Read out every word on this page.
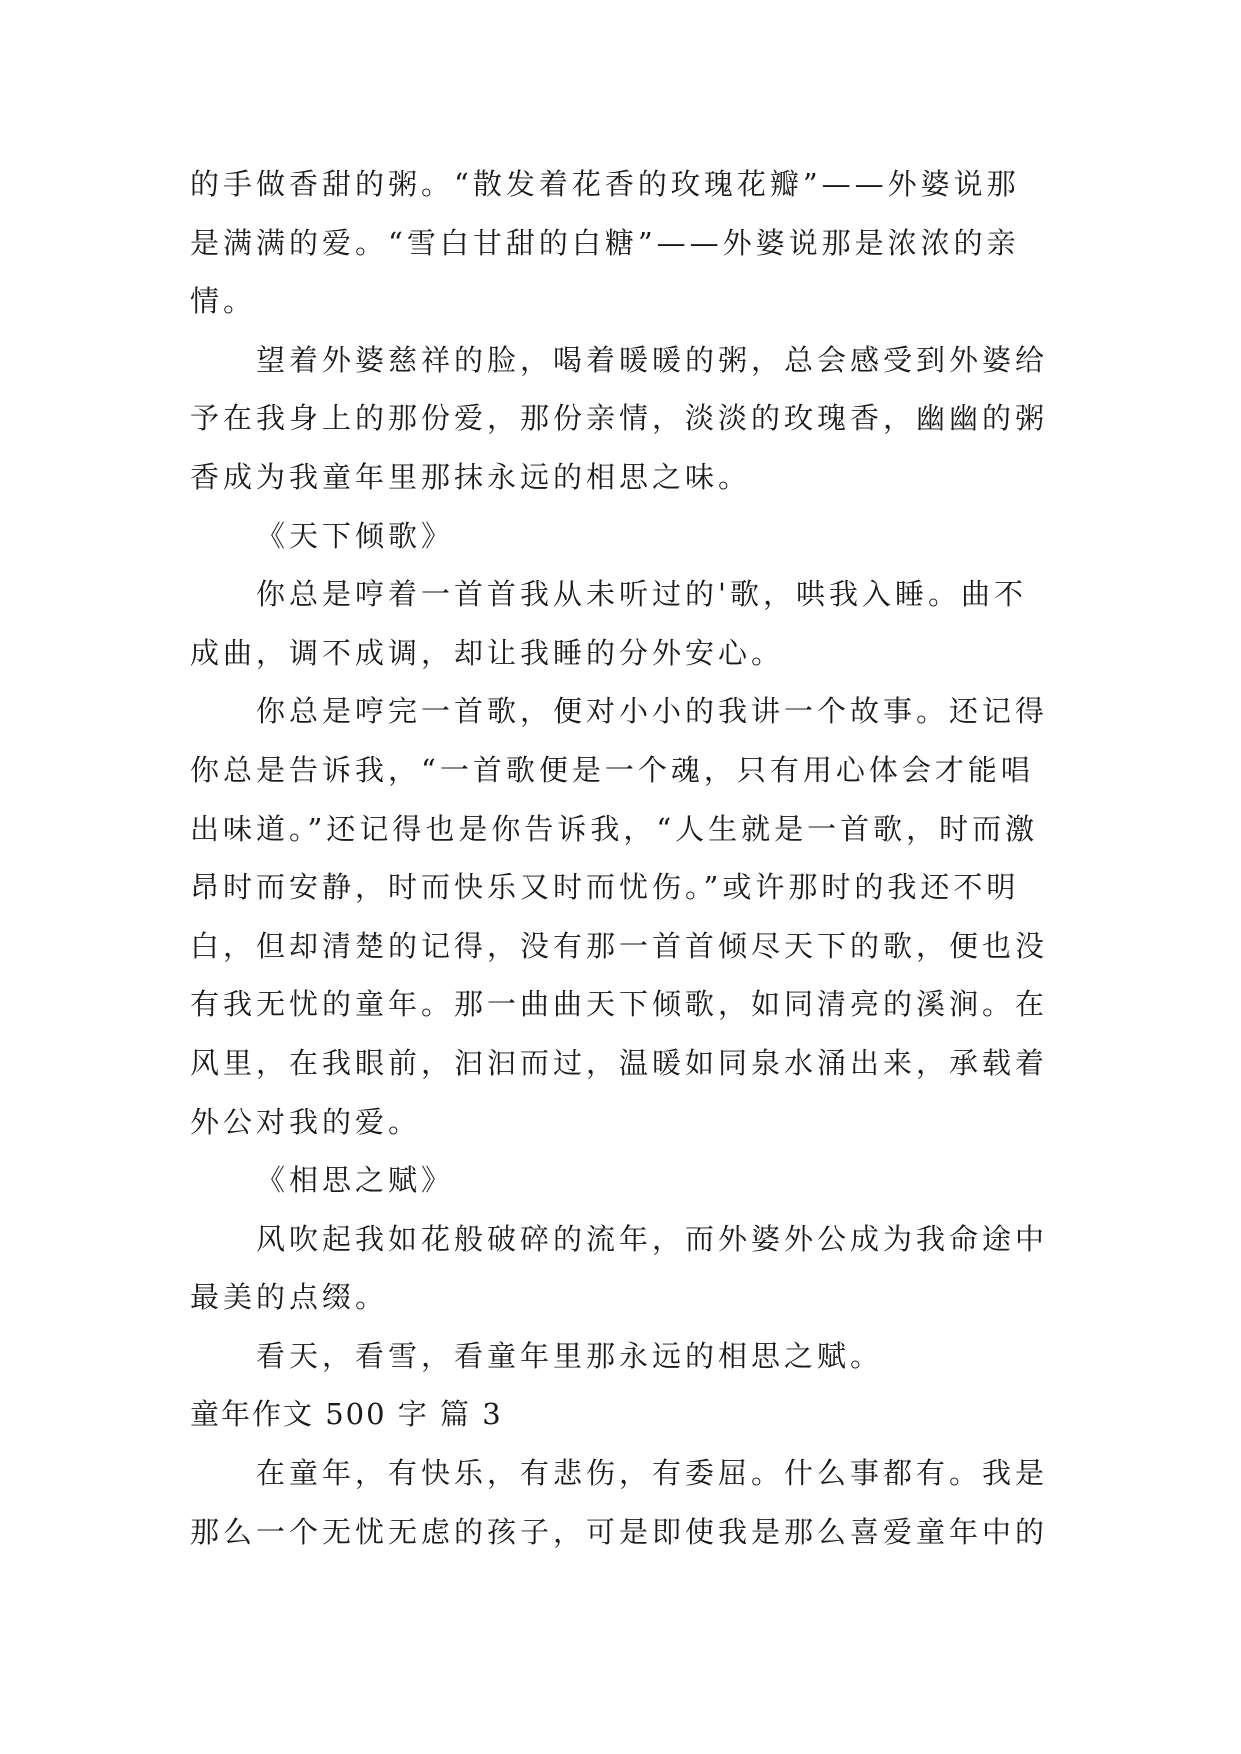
的手做香甜的粥。“散发着花香的玫瑰花瓣”——外婆说那
是满满的爱。“雪白甘甜的白糖”——外婆说那是浓浓的亲
情。
望着外婆慈祥的脸，喝着暖暖的粥，总会感受到外婆给
予在我身上的那份爱，那份亲情，淡淡的玫瑰香，幽幽的粥
香成为我童年里那抹永远的相思之味。
《天下倾歌》
你总是哼着一首首我从未听过的'歌，哄我入睡。曲不
成曲，调不成调，却让我睡的分外安心。
你总是哼完一首歌，便对小小的我讲一个故事。还记得
你总是告诉我，“一首歌便是一个魂，只有用心体会才能唱
出味道。”还记得也是你告诉我，“人生就是一首歌，时而激
昂时而安静，时而快乐又时而忧伤。”或许那时的我还不明
白，但却清楚的记得，没有那一首首倾尽天下的歌，便也没
有我无忧的童年。那一曲曲天下倾歌，如同清亮的溪涧。在
风里，在我眼前，汩汩而过，温暖如同泉水涌出来，承载着
外公对我的爱。
《相思之赋》
风吹起我如花般破碎的流年，而外婆外公成为我命途中
最美的点缀。
看天，看雪，看童年里那永远的相思之赋。
童年作文 500 字 篇 3
在童年，有快乐，有悲伤，有委屈。什么事都有。我是
那么一个无忧无虑的孩子，可是即使我是那么喜爱童年中的
